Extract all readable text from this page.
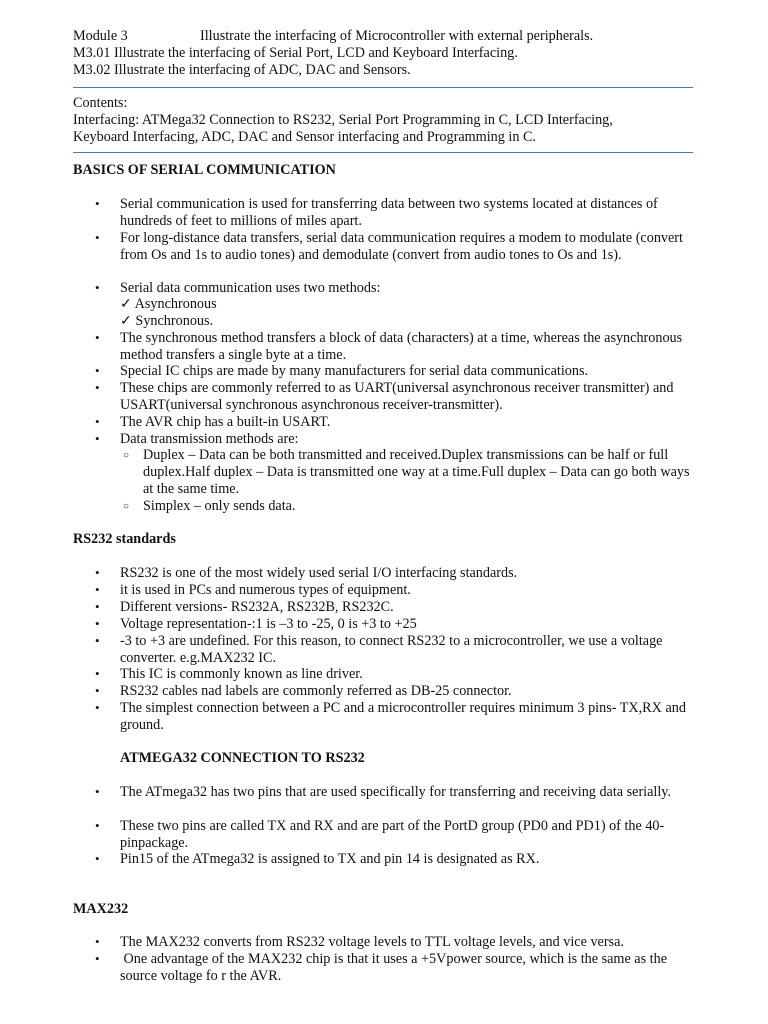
Module 3	Illustrate the interfacing of Microcontroller with external peripherals.
M3.01 Illustrate the interfacing of Serial Port, LCD and Keyboard Interfacing.
M3.02 Illustrate the interfacing of ADC, DAC and Sensors.
Contents:
Interfacing: ATMega32 Connection to RS232, Serial Port Programming in C, LCD Interfacing,
Keyboard Interfacing, ADC, DAC and Sensor interfacing and Programming in C.
BASICS OF SERIAL COMMUNICATION
• Serial communication is used for transferring data between two systems located at distances of hundreds of feet to millions of miles apart.
• For long-distance data transfers, serial data communication requires a modem to modulate (convert from Os and 1s to audio tones) and demodulate (convert from audio tones to Os and 1s).
• Serial data communication uses two methods:
✓ Asynchronous
✓ Synchronous.
• The synchronous method transfers a block of data (characters) at a time, whereas the asynchronous method transfers a single byte at a time.
• Special IC chips are made by many manufacturers for serial data communications.
• These chips are commonly referred to as UART(universal asynchronous receiver transmitter) and USART(universal synchronous asynchronous receiver-transmitter).
• The AVR chip has a built-in USART.
• Data transmission methods are:
○ Duplex – Data can be both transmitted and received.Duplex transmissions can be half or full duplex.Half duplex – Data is transmitted one way at a time.Full duplex – Data can go both ways at the same time.
○ Simplex – only sends data.
RS232 standards
• RS232 is one of the most widely used serial I/O interfacing standards.
• it is used in PCs and numerous types of equipment.
• Different versions- RS232A, RS232B, RS232C.
• Voltage representation-:1 is –3 to -25, 0 is +3 to +25
• -3 to +3 are undefined. For this reason, to connect RS232 to a microcontroller, we use a voltage converter. e.g.MAX232 IC.
• This IC is commonly known as line driver.
• RS232 cables nad labels are commonly referred as DB-25 connector.
• The simplest connection between a PC and a microcontroller requires minimum 3 pins- TX,RX and ground.
ATMEGA32 CONNECTION TO RS232
• The ATmega32 has two pins that are used specifically for transferring and receiving data serially.
• These two pins are called TX and RX and are part of the PortD group (PD0 and PD1) of the 40-pinpackage.
• Pin15 of the ATmega32 is assigned to TX and pin 14 is designated as RX.
MAX232
• The MAX232 converts from RS232 voltage levels to TTL voltage levels, and vice versa.
• One advantage of the MAX232 chip is that it uses a +5Vpower source, which is the same as the source voltage fo r the AVR.
